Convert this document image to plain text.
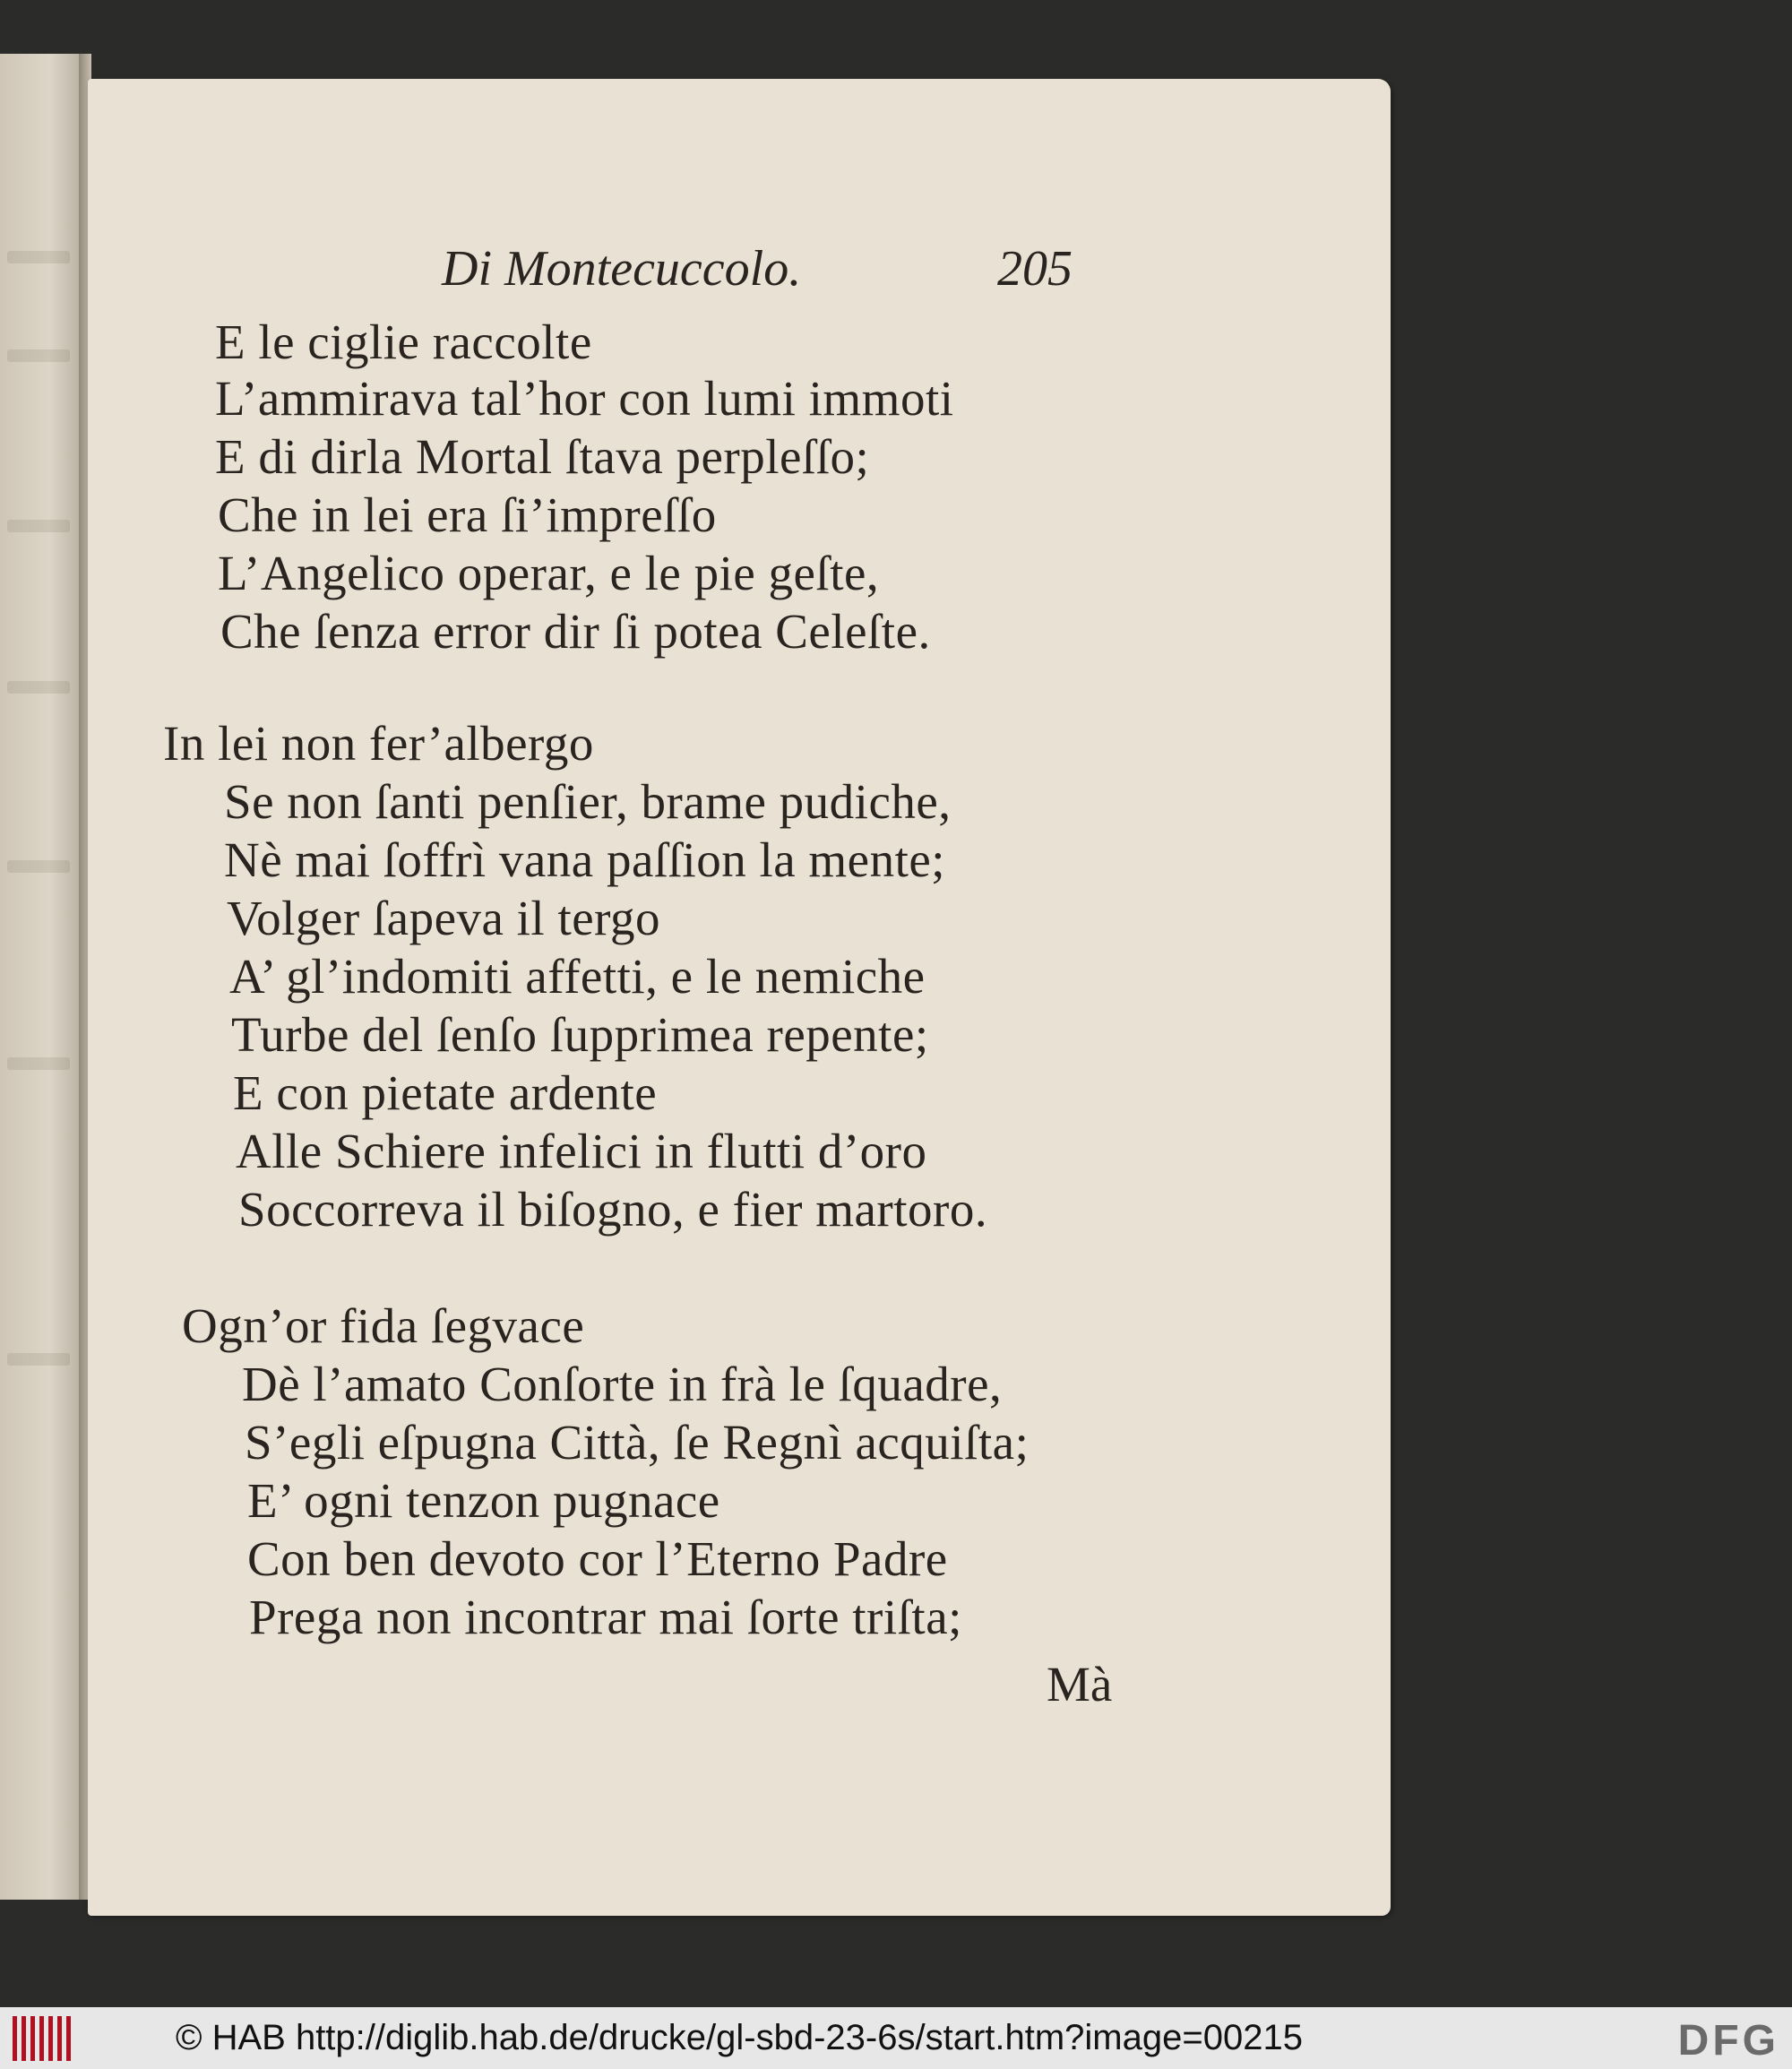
Di Montecuccolo.	205
E le ciglie raccolte
L’ammirava tal’hor con lumi immoti
E di dirla Mortal ſtava perpleſſo;
Che in lei era ſi’impreſſo
L’Angelico operar, e le pie geſte,
Che ſenza error dir ſi potea Celeſte.
In lei non fer’albergo
Se non ſanti penſier, brame pudiche,
Nè mai ſoffrì vana paſſion la mente;
Volger ſapeva il tergo
A’ gl’indomiti affetti, e le nemiche
Turbe del ſenſo ſupprimea repente;
E con pietate ardente
Alle Schiere infelici in flutti d’oro
Soccorreva il biſogno, e fier martoro.
Ogn’or fida ſegvace
Dè l’amato Conſorte in frà le ſquadre,
S’egli eſpugna Città, ſe Regnì acquiſta;
E’ ogni tenzon pugnace
Con ben devoto cor l’Eterno Padre
Prega non incontrar mai ſorte triſta;
Mà
© HAB http://diglib.hab.de/drucke/gl-sbd-23-6s/start.htm?image=00215	DFG
